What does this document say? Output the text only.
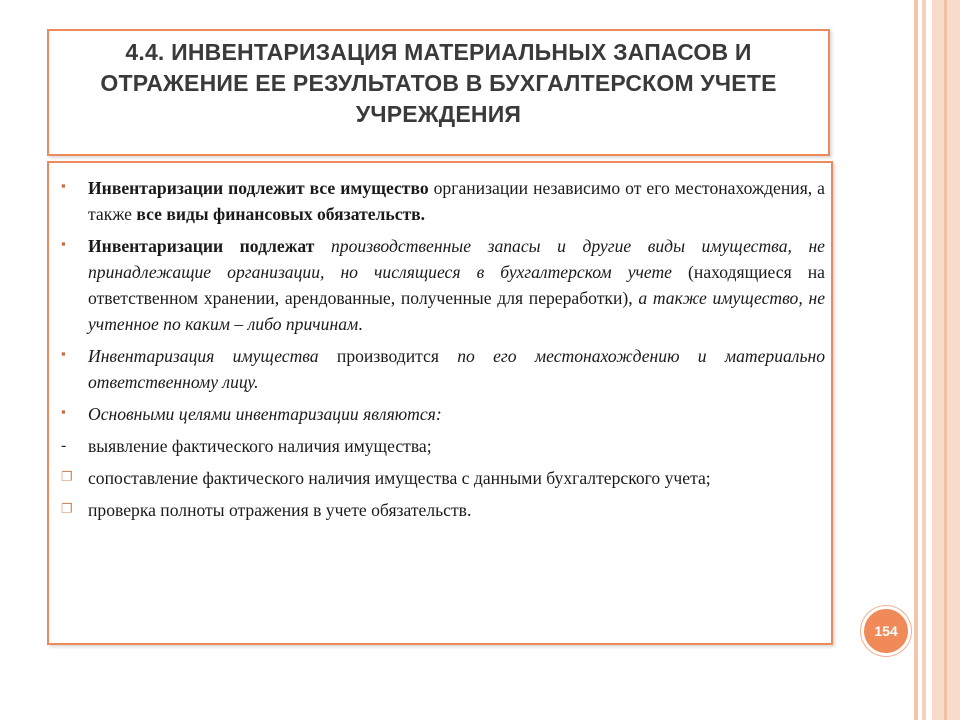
4.4. ИНВЕНТАРИЗАЦИЯ МАТЕРИАЛЬНЫХ ЗАПАСОВ И ОТРАЖЕНИЕ ЕЕ РЕЗУЛЬТАТОВ В БУХГАЛТЕРСКОМ УЧЕТЕ УЧРЕЖДЕНИЯ
▪	Инвентаризации подлежит все имущество организации независимо от его местонахождения, а также все виды финансовых обязательств.
▪	Инвентаризации подлежат производственные запасы и другие виды имущества, не принадлежащие организации, но числящиеся в бухгалтерском учете (находящиеся на ответственном хранении, арендованные, полученные для переработки), а также имущество, не учтенное по каким – либо причинам.
▪	Инвентаризация имущества производится по его местонахождению и материально ответственному лицу.
▪	Основными целями инвентаризации являются:
-	выявление фактического наличия имущества;
❐ сопоставление фактического наличия имущества с данными бухгалтерского учета;
❐ проверка полноты отражения в учете обязательств.
154
